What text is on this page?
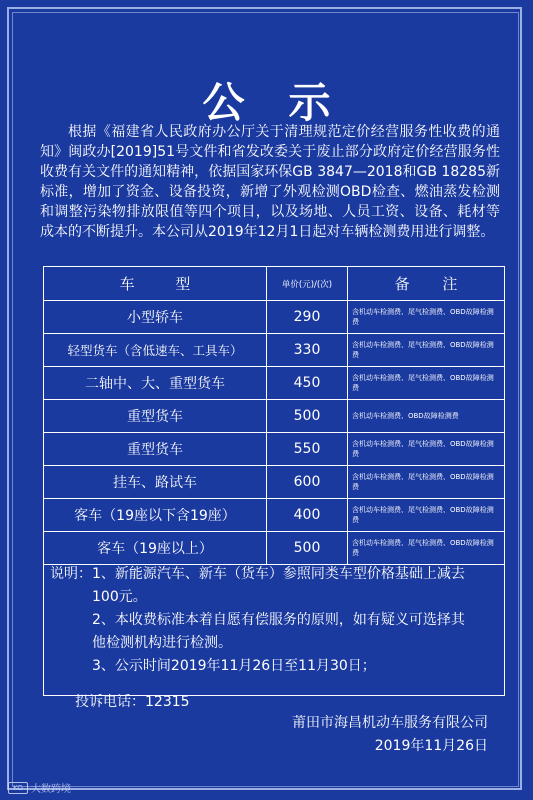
公示
根据《福建省人民政府办公厅关于清理规范定价经营服务性收费的通知》闽政办[2019]51号文件和省发改委关于废止部分政府定价经营服务性收费有关文件的通知精神，依据国家环保GB 3847—2018和GB 18285新标准，增加了资金、设备投资，新增了外观检测OBD检查、燃油蒸发检测和调整污染物排放限值等四个项目，以及场地、人员工资、设备、耗材等成本的不断提升。本公司从2019年12月1日起对车辆检测费用进行调整。
车 型	单价(元)/(次)	备 注
小型轿车	290	含机动车检测费、尾气检测费、OBD故障检测费
轻型货车（含低速车、工具车）	330	含机动车检测费、尾气检测费、OBD故障检测费
二轴中、大、重型货车	450	含机动车检测费、尾气检测费、OBD故障检测费
重型货车	500	含机动车检测费、OBD故障检测费
重型货车	550	含机动车检测费、尾气检测费、OBD故障检测费
挂车、路试车	600	含机动车检测费、尾气检测费、OBD故障检测费
客车（19座以下含19座）	400	含机动车检测费、尾气检测费、OBD故障检测费
客车（19座以上）	500	含机动车检测费、尾气检测费、OBD故障检测费

说明：1、新能源汽车、新车（货车）参照同类车型价格基础上减去

100元。

2、本收费标准本着自愿有偿服务的原则，如有疑义可选择其

他检测机构进行检测。

3、公示时间2019年11月26日至11月30日；

投诉电话：12315
莆田市海昌机动车服务有限公司
2019年11月26日
KO 大数跨境
